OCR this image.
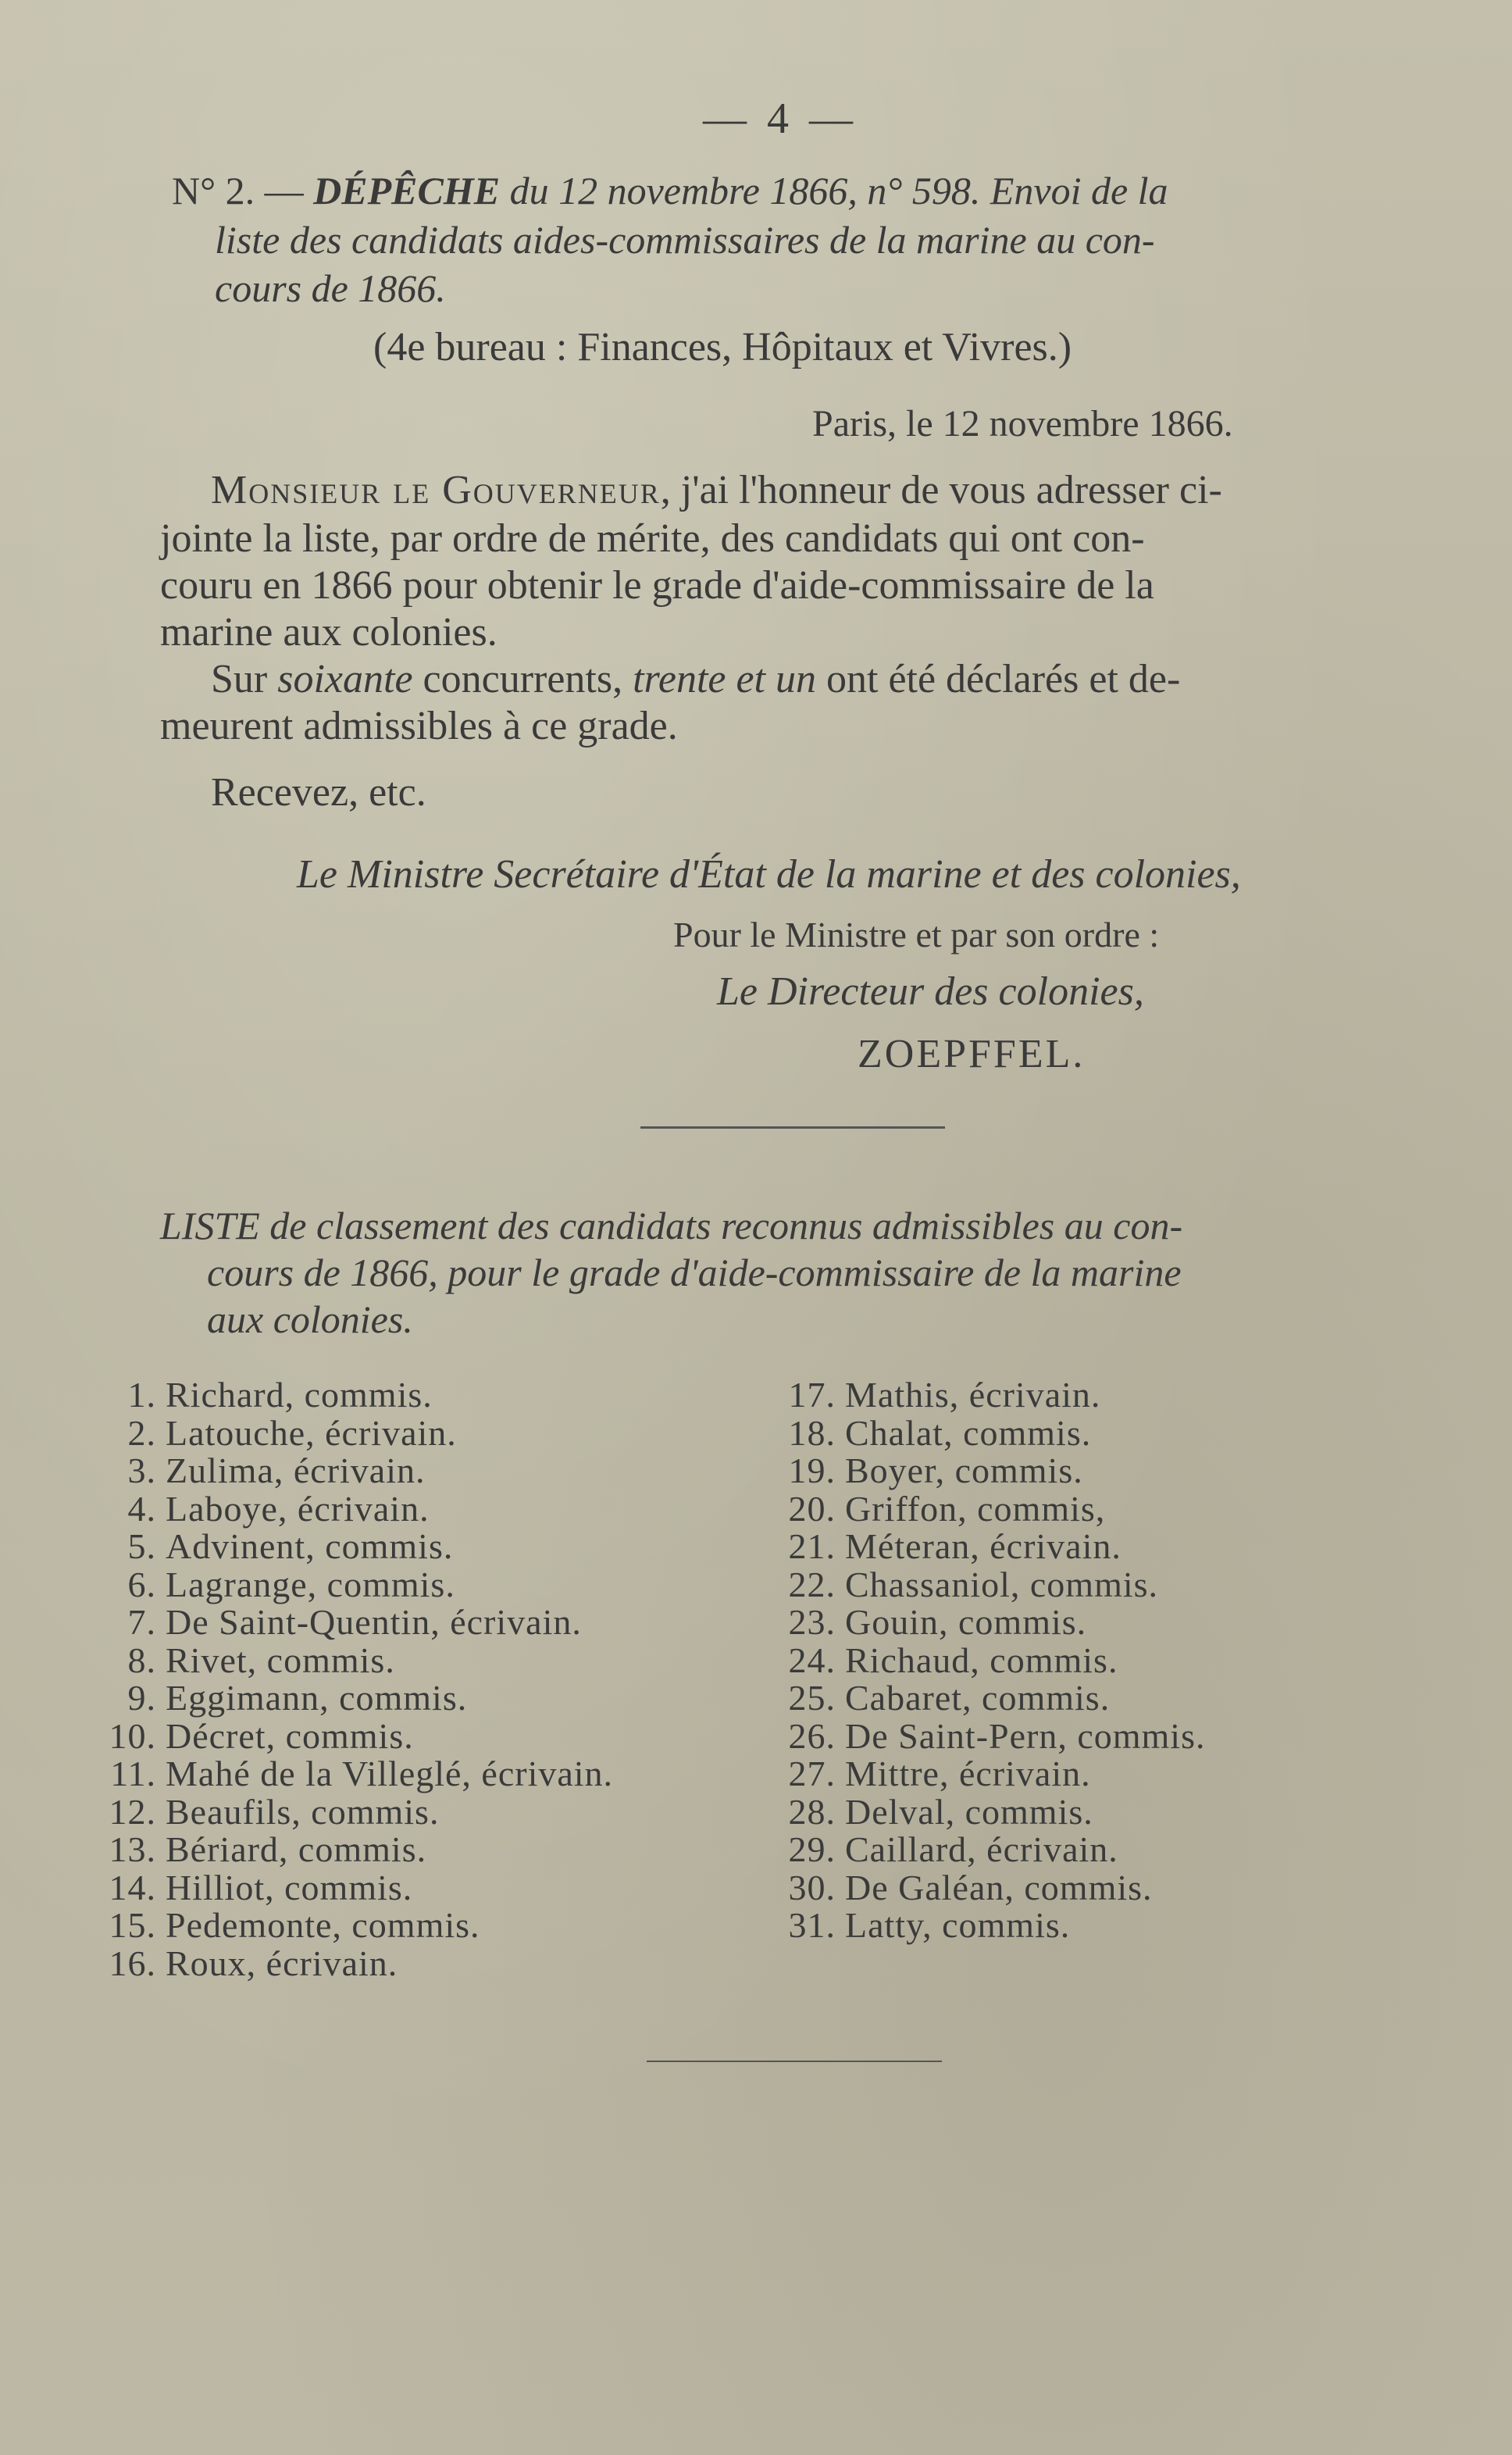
— 4 —
N° 2. — DÉPÊCHE du 12 novembre 1866, n° 598. Envoi de la
liste des candidats aides-commissaires de la marine au con-
cours de 1866.
(4e bureau : Finances, Hôpitaux et Vivres.)
Paris, le 12 novembre 1866.
Monsieur le Gouverneur, j'ai l'honneur de vous adresser ci-
jointe la liste, par ordre de mérite, des candidats qui ont con-
couru en 1866 pour obtenir le grade d'aide-commissaire de la
marine aux colonies.
Sur soixante concurrents, trente et un ont été déclarés et de-
meurent admissibles à ce grade.
Recevez, etc.
Le Ministre Secrétaire d'État de la marine et des colonies,
Pour le Ministre et par son ordre :
Le Directeur des colonies,
ZOEPFFEL.
LISTE de classement des candidats reconnus admissibles au con-
cours de 1866, pour le grade d'aide-commissaire de la marine
aux colonies.
1. Richard, commis.
2. Latouche, écrivain.
3. Zulima, écrivain.
4. Laboye, écrivain.
5. Advinent, commis.
6. Lagrange, commis.
7. De Saint-Quentin, écrivain.
8. Rivet, commis.
9. Eggimann, commis.
10. Décret, commis.
11. Mahé de la Villeglé, écrivain.
12. Beaufils, commis.
13. Bériard, commis.
14. Hilliot, commis.
15. Pedemonte, commis.
16. Roux, écrivain.
17. Mathis, écrivain.
18. Chalat, commis.
19. Boyer, commis.
20. Griffon, commis,
21. Méteran, écrivain.
22. Chassaniol, commis.
23. Gouin, commis.
24. Richaud, commis.
25. Cabaret, commis.
26. De Saint-Pern, commis.
27. Mittre, écrivain.
28. Delval, commis.
29. Caillard, écrivain.
30. De Galéan, commis.
31. Latty, commis.
